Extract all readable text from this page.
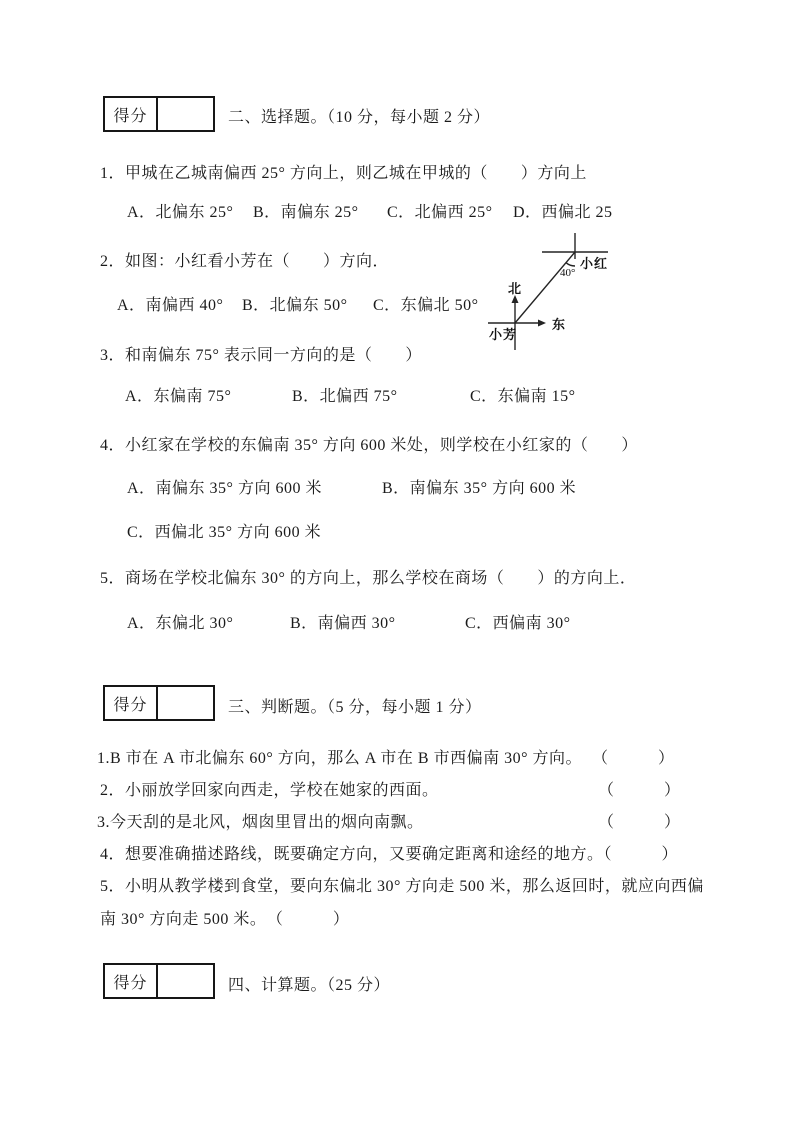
得分	二、选择题。（10 分，每小题 2 分）
1．甲城在乙城南偏西 25° 方向上，则乙城在甲城的（　　）方向上
A．北偏东 25° B．南偏东 25° C．北偏西 25° D．西偏北 25
2．如图：小红看小芳在（　　）方向．
A．南偏西 40° B．北偏东 50° C．东偏北 50°
小红
40°
北
东
小芳
3．和南偏东 75° 表示同一方向的是（　　）
A．东偏南 75°	B．北偏西 75°	C．东偏南 15°
4．小红家在学校的东偏南 35° 方向 600 米处，则学校在小红家的（　　）
A．南偏东 35° 方向 600 米	B．南偏东 35° 方向 600 米
C．西偏北 35° 方向 600 米
5．商场在学校北偏东 30° 的方向上，那么学校在商场（　　）的方向上．
A．东偏北 30°	B．南偏西 30°	C．西偏南 30°
得分	三、判断题。（5 分，每小题 1 分）
1.B 市在 A 市北偏东 60° 方向，那么 A 市在 B 市西偏南 30° 方向。 （　　　）
2．小丽放学回家向西走，学校在她家的西面。	（　　　）
3.今天刮的是北风，烟囱里冒出的烟向南飘。	（　　　）
4．想要准确描述路线，既要确定方向，又要确定距离和途经的地方。（　　　）
5．小明从教学楼到食堂，要向东偏北 30° 方向走 500 米，那么返回时，就应向西偏
南 30° 方向走 500 米。　（　　　）
得分	四、计算题。（25 分）
